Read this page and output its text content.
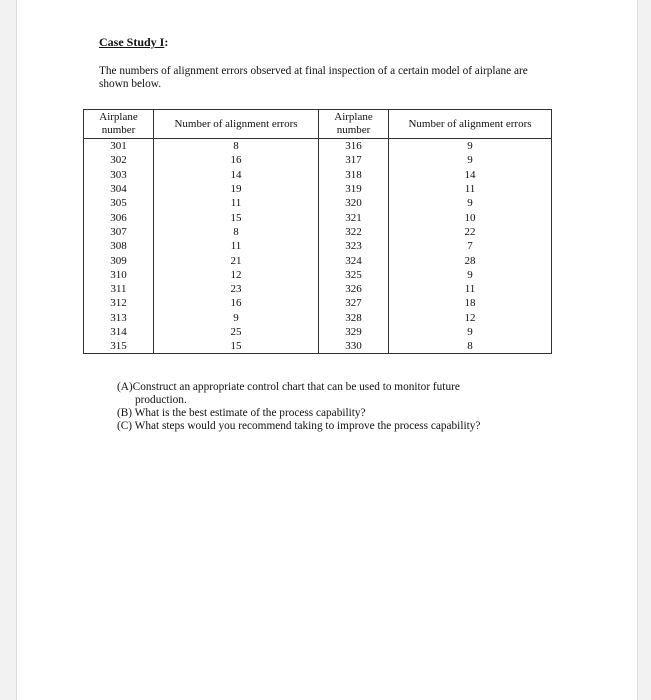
Case Study I:

The numbers of alignment errors observed at final inspection of a certain model of airplane are shown below.

Airplane number	Number of alignment errors	Airplane number	Number of alignment errors
301	8	316	9
302	16	317	9
303	14	318	14
304	19	319	11
305	11	320	9
306	15	321	10
307	8	322	22
308	11	323	7
309	21	324	28
310	12	325	9
311	23	326	11
312	16	327	18
313	9	328	12
314	25	329	9
315	15	330	8
(A)Construct an appropriate control chart that can be used to monitor future
production.
(B) What is the best estimate of the process capability?
(C) What steps would you recommend taking to improve the process capability?
